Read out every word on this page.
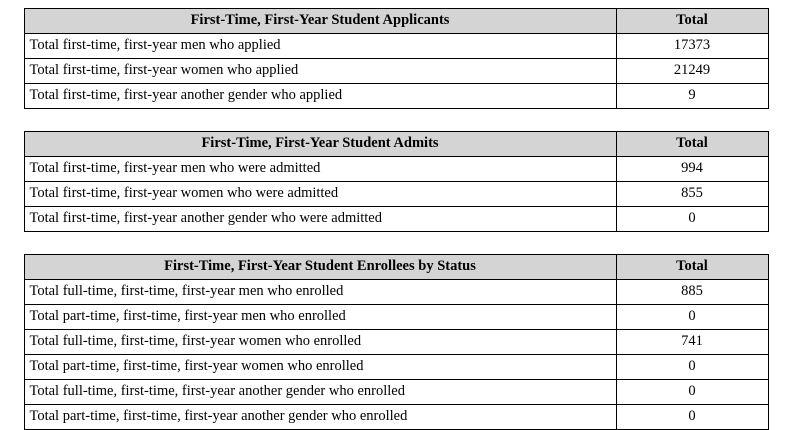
First-Time, First-Year Student Applicants	Total
Total first-time, first-year men who applied	17373
Total first-time, first-year women who applied	21249
Total first-time, first-year another gender who applied	9
First-Time, First-Year Student Admits	Total
Total first-time, first-year men who were admitted	994
Total first-time, first-year women who were admitted	855
Total first-time, first-year another gender who were admitted	0
First-Time, First-Year Student Enrollees by Status	Total
Total full-time, first-time, first-year men who enrolled	885
Total part-time, first-time, first-year men who enrolled	0
Total full-time, first-time, first-year women who enrolled	741
Total part-time, first-time, first-year women who enrolled	0
Total full-time, first-time, first-year another gender who enrolled	0
Total part-time, first-time, first-year another gender who enrolled	0
